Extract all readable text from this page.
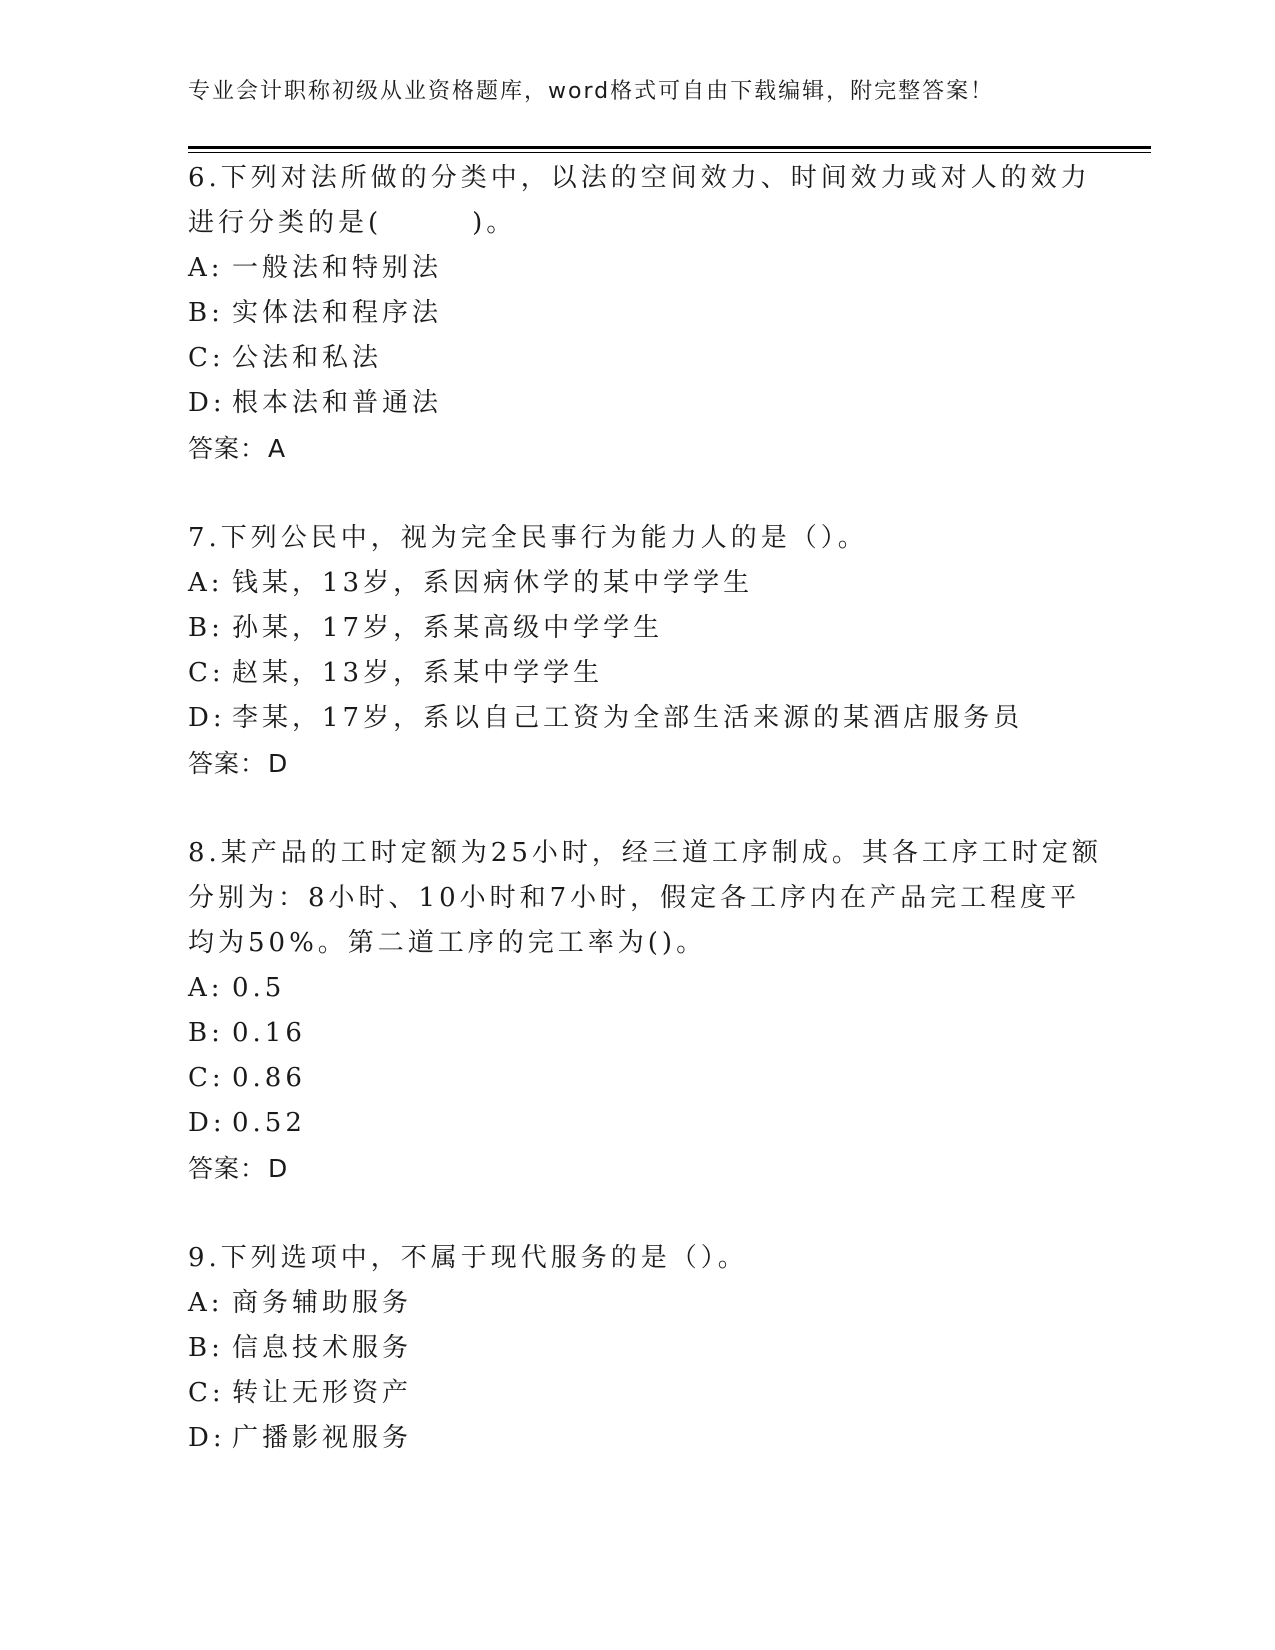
专业会计职称初级从业资格题库，word格式可自由下载编辑，附完整答案！
6.下列对法所做的分类中，以法的空间效力、时间效力或对人的效力
进行分类的是(　　　)。
A: 一般法和特别法
B: 实体法和程序法
C: 公法和私法
D: 根本法和普通法
答案：A
7.下列公民中，视为完全民事行为能力人的是（）。
A: 钱某，13岁，系因病休学的某中学学生
B: 孙某，17岁，系某高级中学学生
C: 赵某，13岁，系某中学学生
D: 李某，17岁，系以自己工资为全部生活来源的某酒店服务员
答案：D
8.某产品的工时定额为25小时，经三道工序制成。其各工序工时定额
分别为：8小时、10小时和7小时，假定各工序内在产品完工程度平
均为50%。第二道工序的完工率为()。
A: 0.5
B: 0.16
C: 0.86
D: 0.52
答案：D
9.下列选项中，不属于现代服务的是（）。
A: 商务辅助服务
B: 信息技术服务
C: 转让无形资产
D: 广播影视服务
